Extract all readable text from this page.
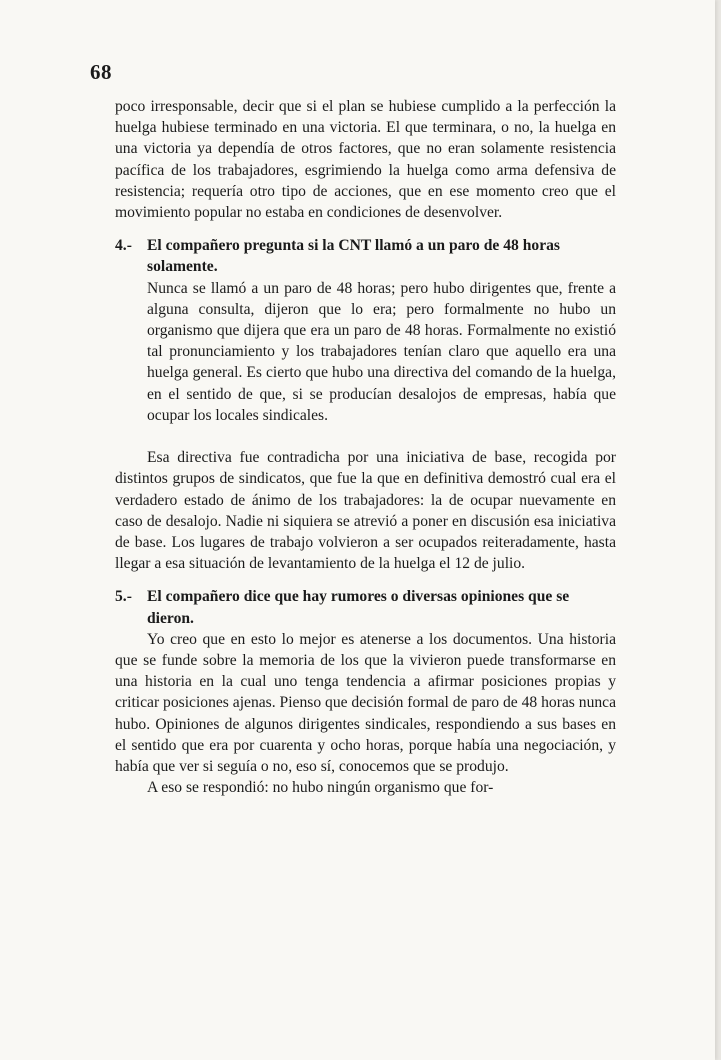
68

poco irresponsable, decir que si el plan se hubiese cumplido a la perfección la huelga hubiese terminado en una victoria. El que terminara, o no, la huelga en una victoria ya dependía de otros factores, que no eran solamente resistencia pacífica de los trabajadores, esgrimiendo la huelga como arma defensiva de resistencia; requería otro tipo de acciones, que en ese momento creo que el movimiento popular no estaba en condiciones de desenvolver.

4.- El compañero pregunta si la CNT llamó a un paro de 48 horas solamente.

Nunca se llamó a un paro de 48 horas; pero hubo dirigentes que, frente a alguna consulta, dijeron que lo era; pero formalmente no hubo un organismo que dijera que era un paro de 48 horas. Formalmente no existió tal pronunciamiento y los trabajadores tenían claro que aquello era una huelga general. Es cierto que hubo una directiva del comando de la huelga, en el sentido de que, si se producían desalojos de empresas, había que ocupar los locales sindicales.

Esa directiva fue contradicha por una iniciativa de base, recogida por distintos grupos de sindicatos, que fue la que en definitiva demostró cual era el verdadero estado de ánimo de los trabajadores: la de ocupar nuevamente en caso de desalojo. Nadie ni siquiera se atrevió a poner en discusión esa iniciativa de base. Los lugares de trabajo volvieron a ser ocupados reiteradamente, hasta llegar a esa situación de levantamiento de la huelga el 12 de julio.

5.- El compañero dice que hay rumores o diversas opiniones que se dieron.

Yo creo que en esto lo mejor es atenerse a los documentos. Una historia que se funde sobre la memoria de los que la vivieron puede transformarse en una historia en la cual uno tenga tendencia a afirmar posiciones propias y criticar posiciones ajenas. Pienso que decisión formal de paro de 48 horas nunca hubo. Opiniones de algunos dirigentes sindicales, respondiendo a sus bases en el sentido que era por cuarenta y ocho horas, porque había una negociación, y había que ver si seguía o no, eso sí, conocemos que se produjo.

A eso se respondió: no hubo ningún organismo que for-
